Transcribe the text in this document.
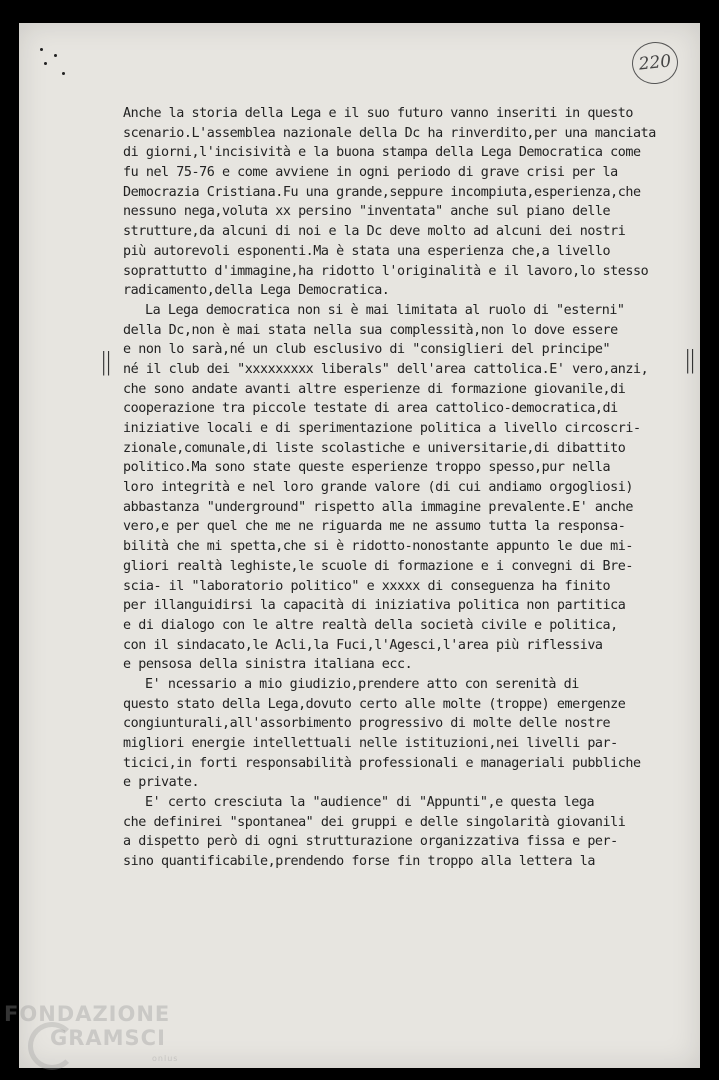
220
||	||
Anche la storia della Lega e il suo futuro vanno inseriti in questo
scenario.L'assemblea nazionale della Dc ha rinverdito,per una manciata
di giorni,l'incisività e la buona stampa della Lega Democratica come
fu nel 75-76 e come avviene in ogni periodo di grave crisi per la
Democrazia Cristiana.Fu una grande,seppure incompiuta,esperienza,che
nessuno nega,voluta xx persino "inventata" anche sul piano delle
strutture,da alcuni di noi e la Dc deve molto ad alcuni dei nostri
più autorevoli esponenti.Ma è stata una esperienza che,a livello
soprattutto d'immagine,ha ridotto l'originalità e il lavoro,lo stesso
radicamento,della Lega Democratica.
La Lega democratica non si è mai limitata al ruolo di "esterni"
della Dc,non è mai stata nella sua complessità,non lo dove essere
e non lo sarà,né un club esclusivo di "consiglieri del principe"
né il club dei "xxxxxxxxx liberals" dell'area cattolica.E' vero,anzi,
che sono andate avanti altre esperienze di formazione giovanile,di
cooperazione tra piccole testate di area cattolico-democratica,di
iniziative locali e di sperimentazione politica a livello circoscri-
zionale,comunale,di liste scolastiche e universitarie,di dibattito
politico.Ma sono state queste esperienze troppo spesso,pur nella
loro integrità e nel loro grande valore (di cui andiamo orgogliosi)
abbastanza "underground" rispetto alla immagine prevalente.E' anche
vero,e per quel che me ne riguarda me ne assumo tutta la responsa-
bilità che mi spetta,che si è ridotto-nonostante appunto le due mi-
gliori realtà leghiste,le scuole di formazione e i convegni di Bre-
scia- il "laboratorio politico" e xxxxx di conseguenza ha finito
per illanguidirsi la capacità di iniziativa politica non partitica
e di dialogo con le altre realtà della società civile e politica,
con il sindacato,le Acli,la Fuci,l'Agesci,l'area più riflessiva
e pensosa della sinistra italiana ecc.
E' ncessario a mio giudizio,prendere atto con serenità di
questo stato della Lega,dovuto certo alle molte (troppe) emergenze
congiunturali,all'assorbimento progressivo di molte delle nostre
migliori energie intellettuali nelle istituzioni,nei livelli par-
ticici,in forti responsabilità professionali e manageriali pubbliche
e private.
E' certo cresciuta la "audience" di "Appunti",e questa lega
che definirei "spontanea" dei gruppi e delle singolarità giovanili
a dispetto però di ogni strutturazione organizzativa fissa e per-
sino quantificabile,prendendo forse fin troppo alla lettera la
FONDAZIONE
GRAMSCI
onlus
